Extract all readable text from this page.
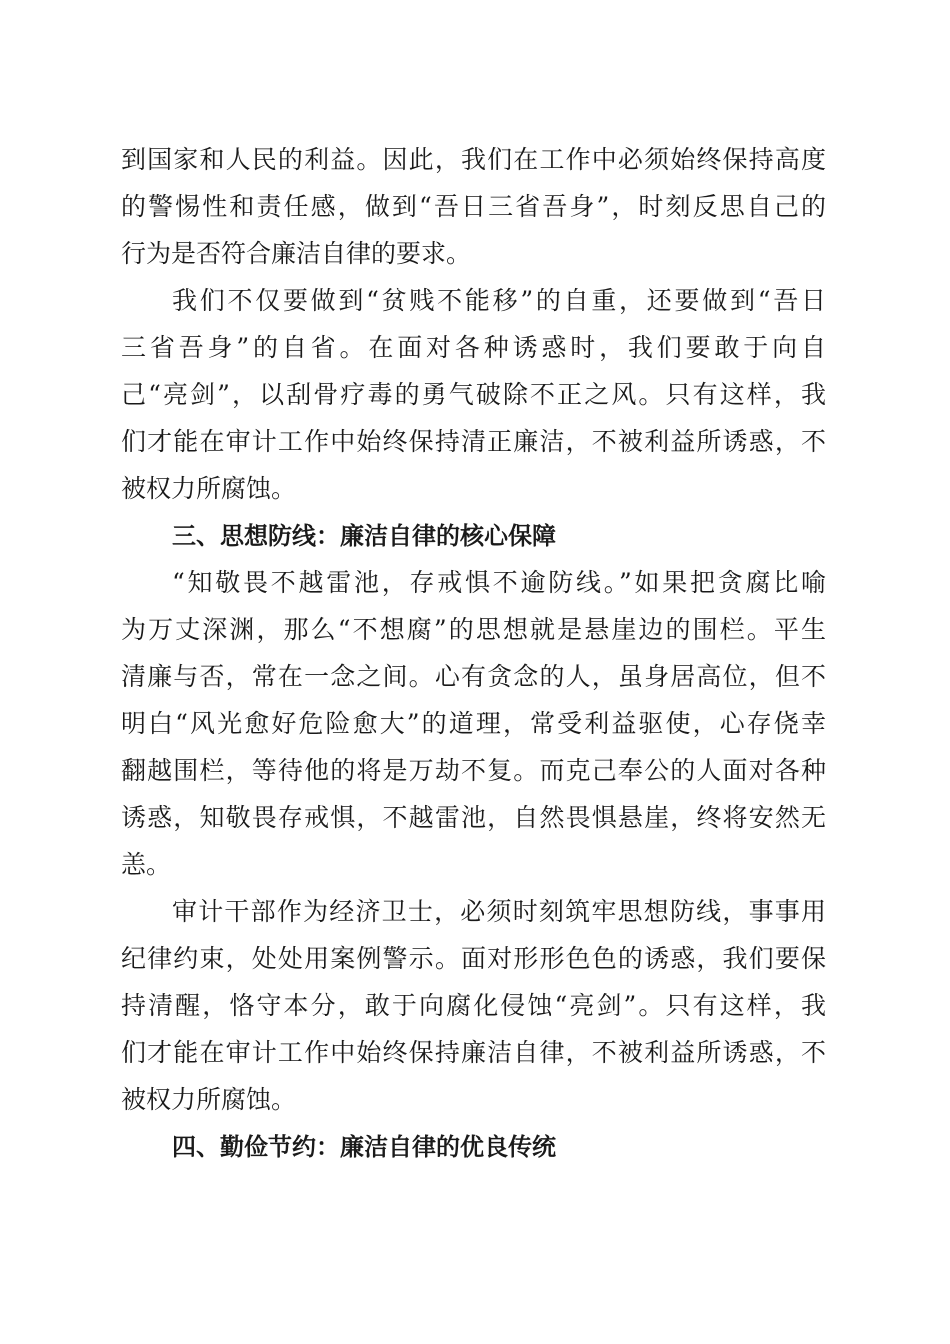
到国家和人民的利益。因此，我们在工作中必须始终保持高度
的警惕性和责任感，做到“吾日三省吾身”，时刻反思自己的
行为是否符合廉洁自律的要求。
我们不仅要做到“贫贱不能移”的自重，还要做到“吾日
三省吾身”的自省。在面对各种诱惑时，我们要敢于向自
己“亮剑”，以刮骨疗毒的勇气破除不正之风。只有这样，我
们才能在审计工作中始终保持清正廉洁，不被利益所诱惑，不
被权力所腐蚀。
三、思想防线：廉洁自律的核心保障
“知敬畏不越雷池，存戒惧不逾防线。”如果把贪腐比喻
为万丈深渊，那么“不想腐”的思想就是悬崖边的围栏。平生
清廉与否，常在一念之间。心有贪念的人，虽身居高位，但不
明白“风光愈好危险愈大”的道理，常受利益驱使，心存侥幸
翻越围栏，等待他的将是万劫不复。而克己奉公的人面对各种
诱惑，知敬畏存戒惧，不越雷池，自然畏惧悬崖，终将安然无
恙。
审计干部作为经济卫士，必须时刻筑牢思想防线，事事用
纪律约束，处处用案例警示。面对形形色色的诱惑，我们要保
持清醒，恪守本分，敢于向腐化侵蚀“亮剑”。只有这样，我
们才能在审计工作中始终保持廉洁自律，不被利益所诱惑，不
被权力所腐蚀。
四、勤俭节约：廉洁自律的优良传统
